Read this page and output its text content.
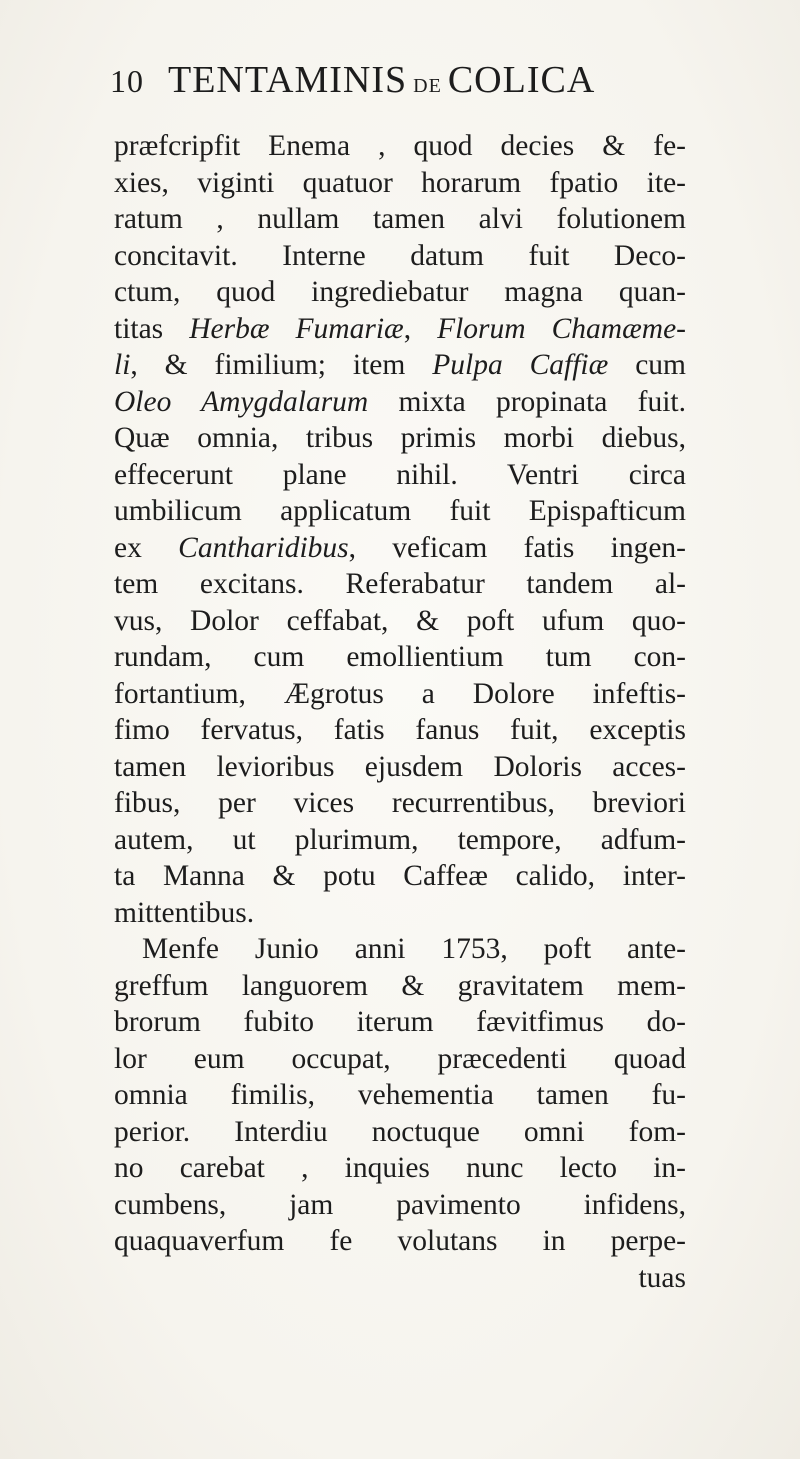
10 TENTAMINIS DE COLICA
præfcripfit Enema , quod decies & fe-
xies, viginti quatuor horarum fpatio ite-
ratum , nullam tamen alvi folutionem
concitavit. Interne datum fuit Deco-
ctum, quod ingrediebatur magna quan-
titas Herbæ Fumariæ, Florum Chamæme-
li, & fimilium; item Pulpa Caffiæ cum
Oleo Amygdalarum mixta propinata fuit.
Quæ omnia, tribus primis morbi diebus,
effecerunt plane nihil. Ventri circa
umbilicum applicatum fuit Epispafticum
ex Cantharidibus, veficam fatis ingen-
tem excitans. Referabatur tandem al-
vus, Dolor ceffabat, & poft ufum quo-
rundam, cum emollientium tum con-
fortantium, Ægrotus a Dolore infeftis-
fimo fervatus, fatis fanus fuit, exceptis
tamen levioribus ejusdem Doloris acces-
fibus, per vices recurrentibus, breviori
autem, ut plurimum, tempore, adfum-
ta Manna & potu Caffeæ calido, inter-
mittentibus.
Menfe Junio anni 1753, poft ante-
greffum languorem & gravitatem mem-
brorum fubito iterum fævitfimus do-
lor eum occupat, præcedenti quoad
omnia fimilis, vehementia tamen fu-
perior. Interdiu noctuque omni fom-
no carebat , inquies nunc lecto in-
cumbens, jam pavimento infidens,
quaquaverfum fe volutans in perpe-
tuas
